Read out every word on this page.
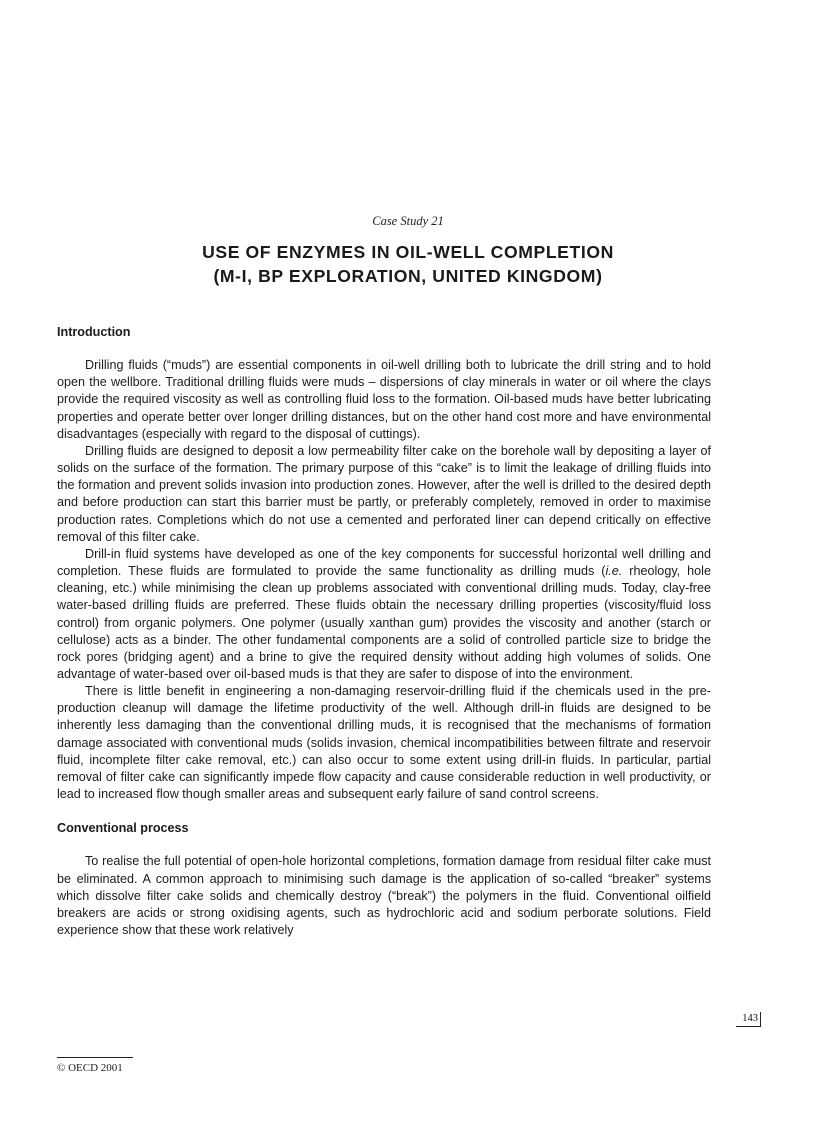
Case Study 21
USE OF ENZYMES IN OIL-WELL COMPLETION
(M-I, BP EXPLORATION, UNITED KINGDOM)
Introduction

Drilling fluids (“muds”) are essential components in oil-well drilling both to lubricate the drill string and to hold open the wellbore. Traditional drilling fluids were muds – dispersions of clay minerals in water or oil where the clays provide the required viscosity as well as controlling fluid loss to the formation. Oil-based muds have better lubricating properties and operate better over longer drilling distances, but on the other hand cost more and have environmental disadvantages (especially with regard to the disposal of cuttings).

Drilling fluids are designed to deposit a low permeability filter cake on the borehole wall by depositing a layer of solids on the surface of the formation. The primary purpose of this “cake” is to limit the leakage of drilling fluids into the formation and prevent solids invasion into production zones. However, after the well is drilled to the desired depth and before production can start this barrier must be partly, or preferably completely, removed in order to maximise production rates. Completions which do not use a cemented and perforated liner can depend critically on effective removal of this filter cake.

Drill-in fluid systems have developed as one of the key components for successful horizontal well drilling and completion. These fluids are formulated to provide the same functionality as drilling muds (i.e. rheology, hole cleaning, etc.) while minimising the clean up problems associated with conventional drilling muds. Today, clay-free water-based drilling fluids are preferred. These fluids obtain the necessary drilling properties (viscosity/fluid loss control) from organic polymers. One polymer (usually xanthan gum) provides the viscosity and another (starch or cellulose) acts as a binder. The other fundamental components are a solid of controlled particle size to bridge the rock pores (bridging agent) and a brine to give the required density without adding high volumes of solids. One advantage of water-based over oil-based muds is that they are safer to dispose of into the environment.

There is little benefit in engineering a non-damaging reservoir-drilling fluid if the chemicals used in the pre-production cleanup will damage the lifetime productivity of the well. Although drill-in fluids are designed to be inherently less damaging than the conventional drilling muds, it is recognised that the mechanisms of formation damage associated with conventional muds (solids invasion, chemical incompatibilities between filtrate and reservoir fluid, incomplete filter cake removal, etc.) can also occur to some extent using drill-in fluids. In particular, partial removal of filter cake can significantly impede flow capacity and cause considerable reduction in well productivity, or lead to increased flow though smaller areas and subsequent early failure of sand control screens.

Conventional process

To realise the full potential of open-hole horizontal completions, formation damage from residual filter cake must be eliminated. A common approach to minimising such damage is the application of so-called “breaker” systems which dissolve filter cake solids and chemically destroy (“break”) the polymers in the fluid. Conventional oilfield breakers are acids or strong oxidising agents, such as hydrochloric acid and sodium perborate solutions. Field experience show that these work relatively

143
© OECD 2001
